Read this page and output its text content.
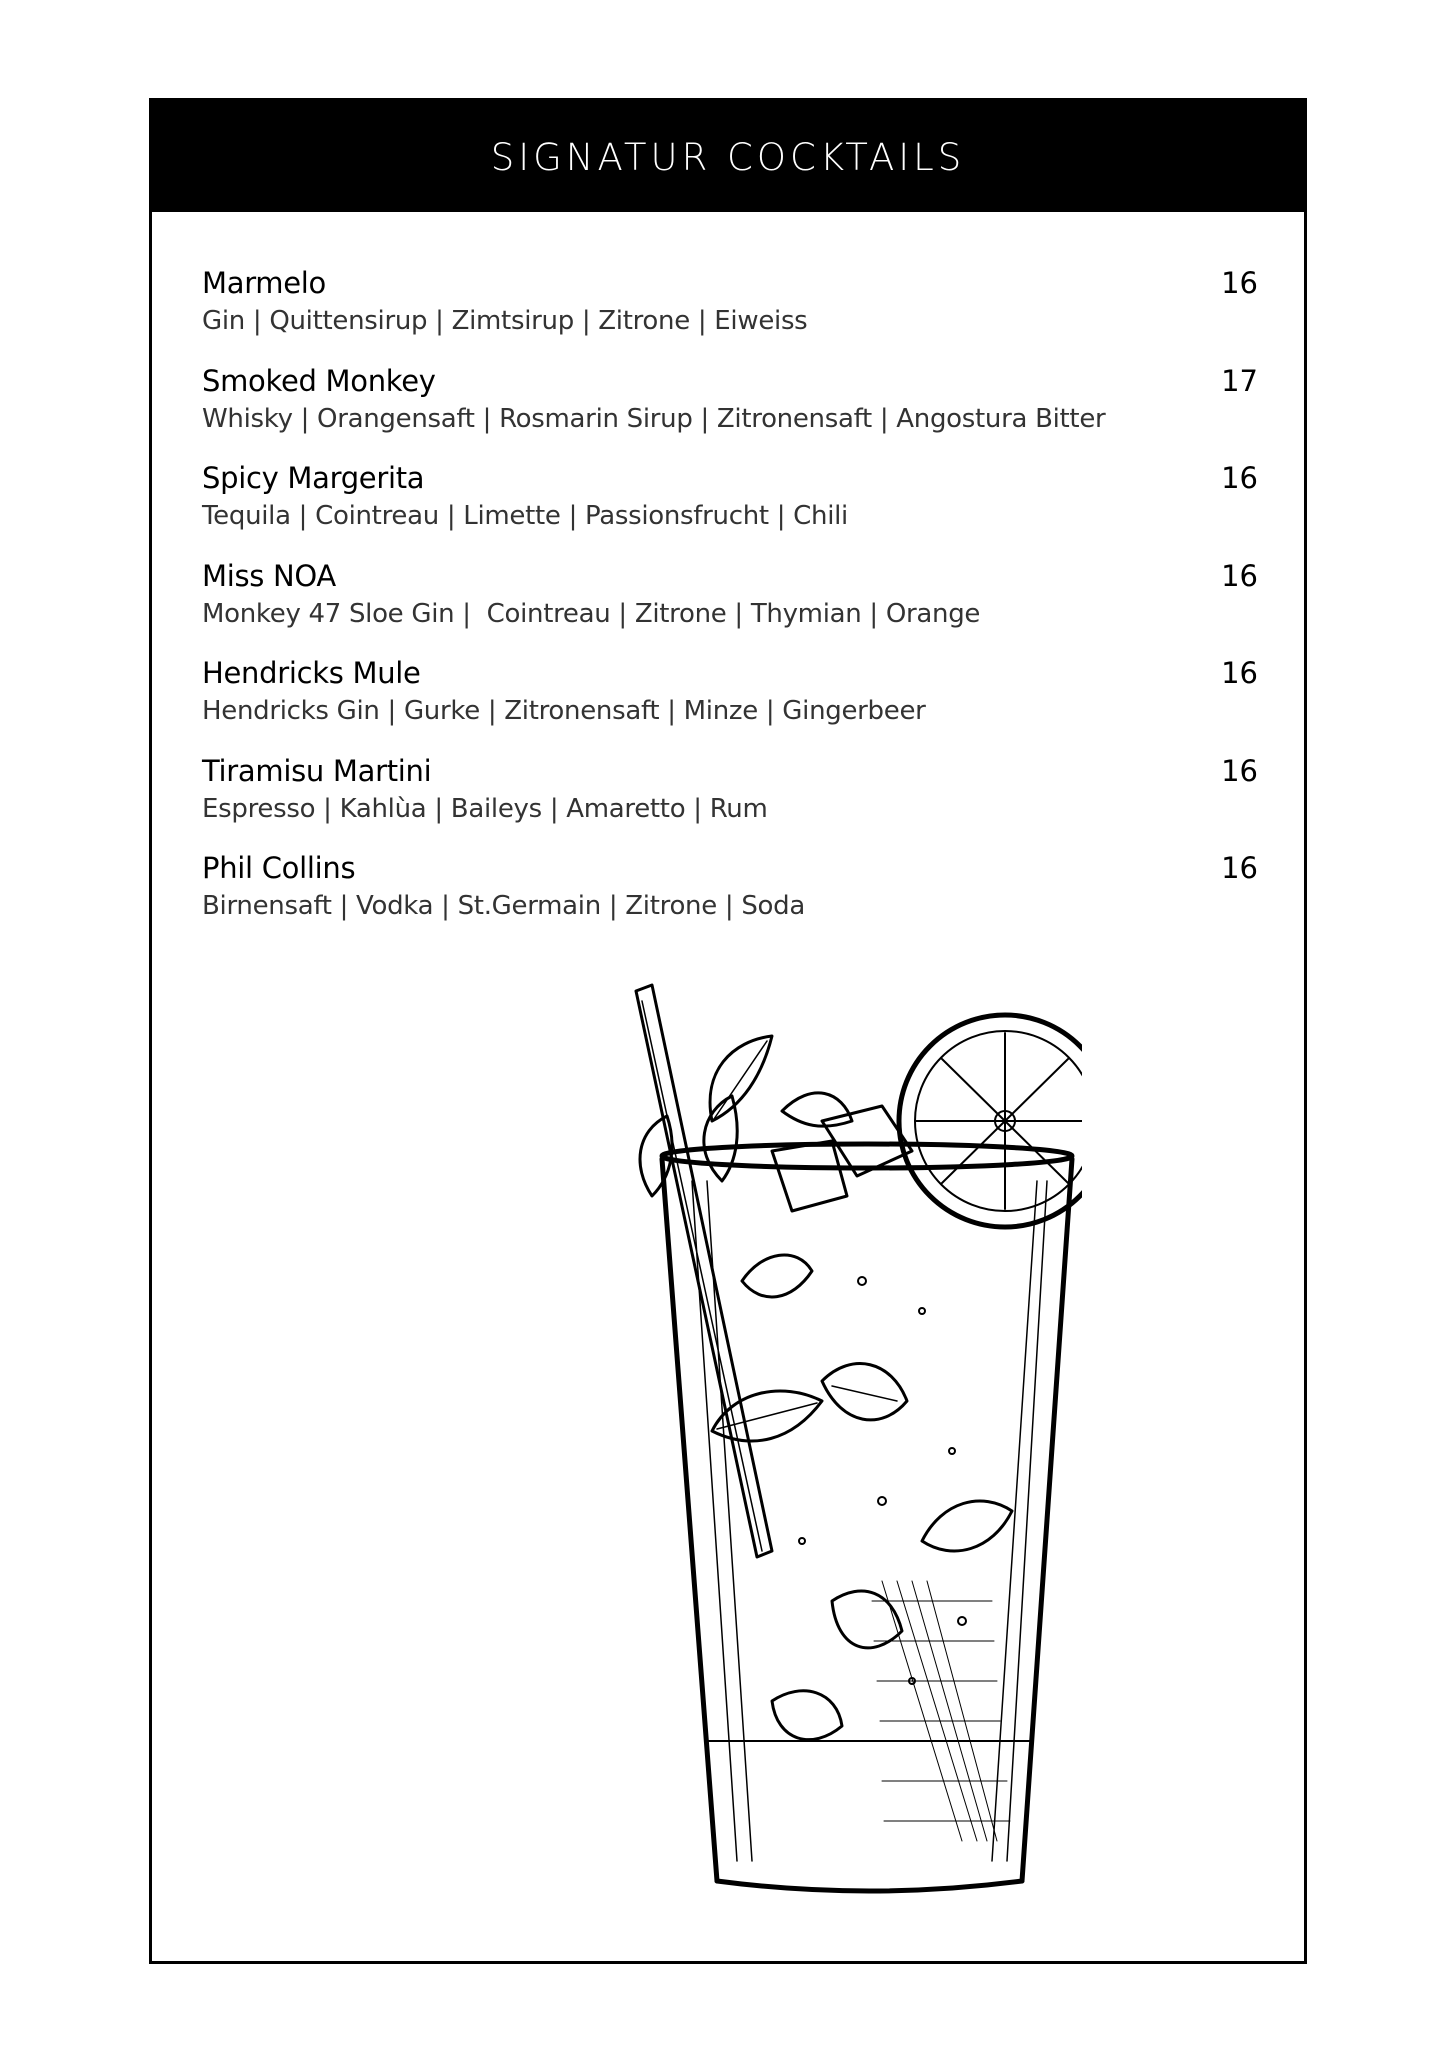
SIGNATUR COCKTAILS
Marmelo	16
Gin | Quittensirup | Zimtsirup | Zitrone | Eiweiss
Smoked Monkey	17
Whisky | Orangensaft | Rosmarin Sirup | Zitronensaft | Angostura Bitter
Spicy Margerita	16
Tequila | Cointreau | Limette | Passionsfrucht | Chili
Miss NOA	16
Monkey 47 Sloe Gin |  Cointreau | Zitrone | Thymian | Orange
Hendricks Mule	16
Hendricks Gin | Gurke | Zitronensaft | Minze | Gingerbeer
Tiramisu Martini	16
Espresso | Kahlùa | Baileys | Amaretto | Rum
Phil Collins	16
Birnensaft | Vodka | St.Germain | Zitrone | Soda
